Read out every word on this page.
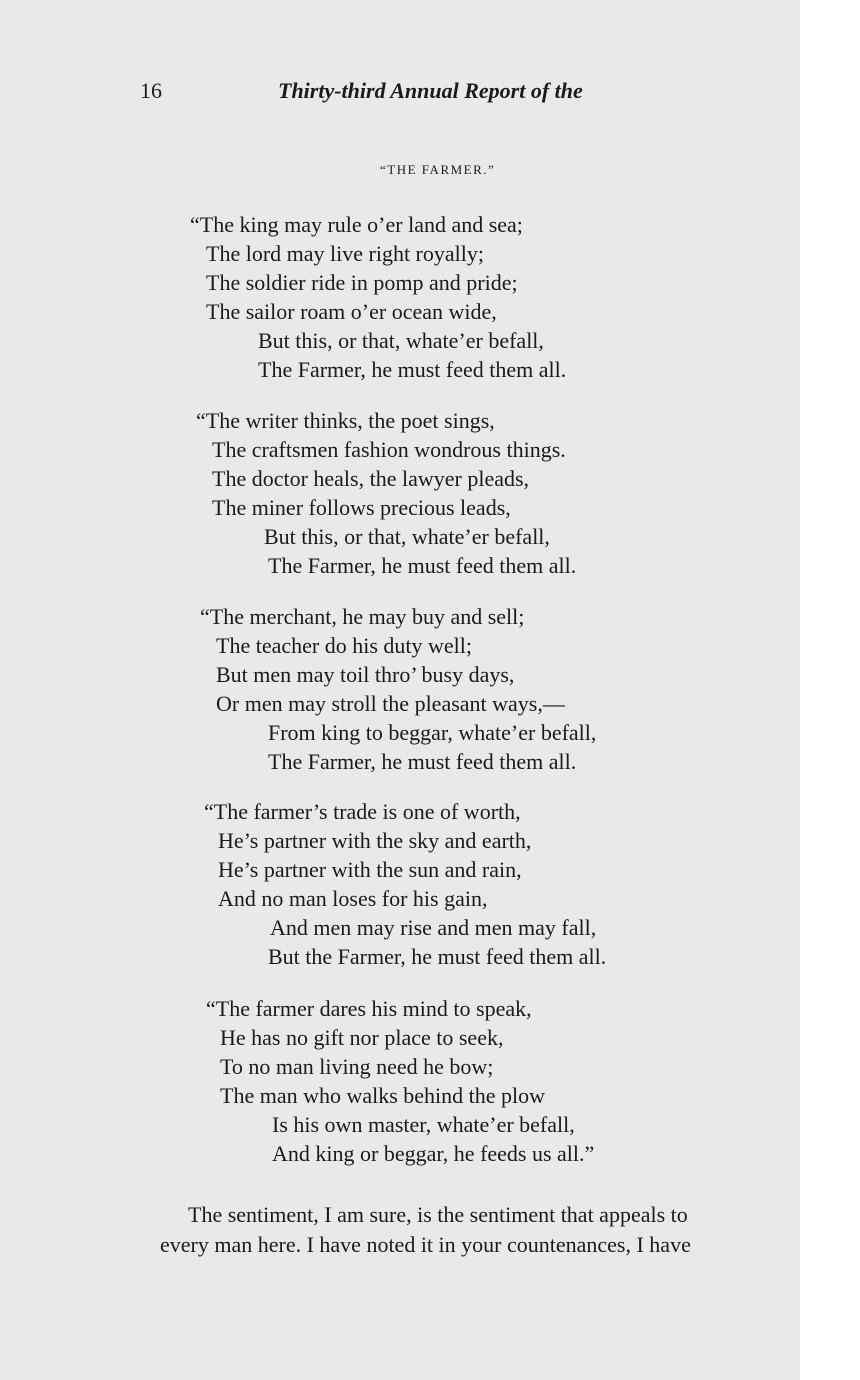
16	Thirty-third Annual Report of the
“THE FARMER.”
“The king may rule o’er land and sea;
The lord may live right royally;
The soldier ride in pomp and pride;
The sailor roam o’er ocean wide,
But this, or that, whate’er befall,
The Farmer, he must feed them all.
“The writer thinks, the poet sings,
The craftsmen fashion wondrous things.
The doctor heals, the lawyer pleads,
The miner follows precious leads,
But this, or that, whate’er befall,
The Farmer, he must feed them all.
“The merchant, he may buy and sell;
The teacher do his duty well;
But men may toil thro’ busy days,
Or men may stroll the pleasant ways,—
From king to beggar, whate’er befall,
The Farmer, he must feed them all.
“The farmer’s trade is one of worth,
He’s partner with the sky and earth,
He’s partner with the sun and rain,
And no man loses for his gain,
And men may rise and men may fall,
But the Farmer, he must feed them all.
“The farmer dares his mind to speak,
He has no gift nor place to seek,
To no man living need he bow;
The man who walks behind the plow
Is his own master, whate’er befall,
And king or beggar, he feeds us all.”
The sentiment, I am sure, is the sentiment that appeals to
every man here. I have noted it in your countenances, I have
